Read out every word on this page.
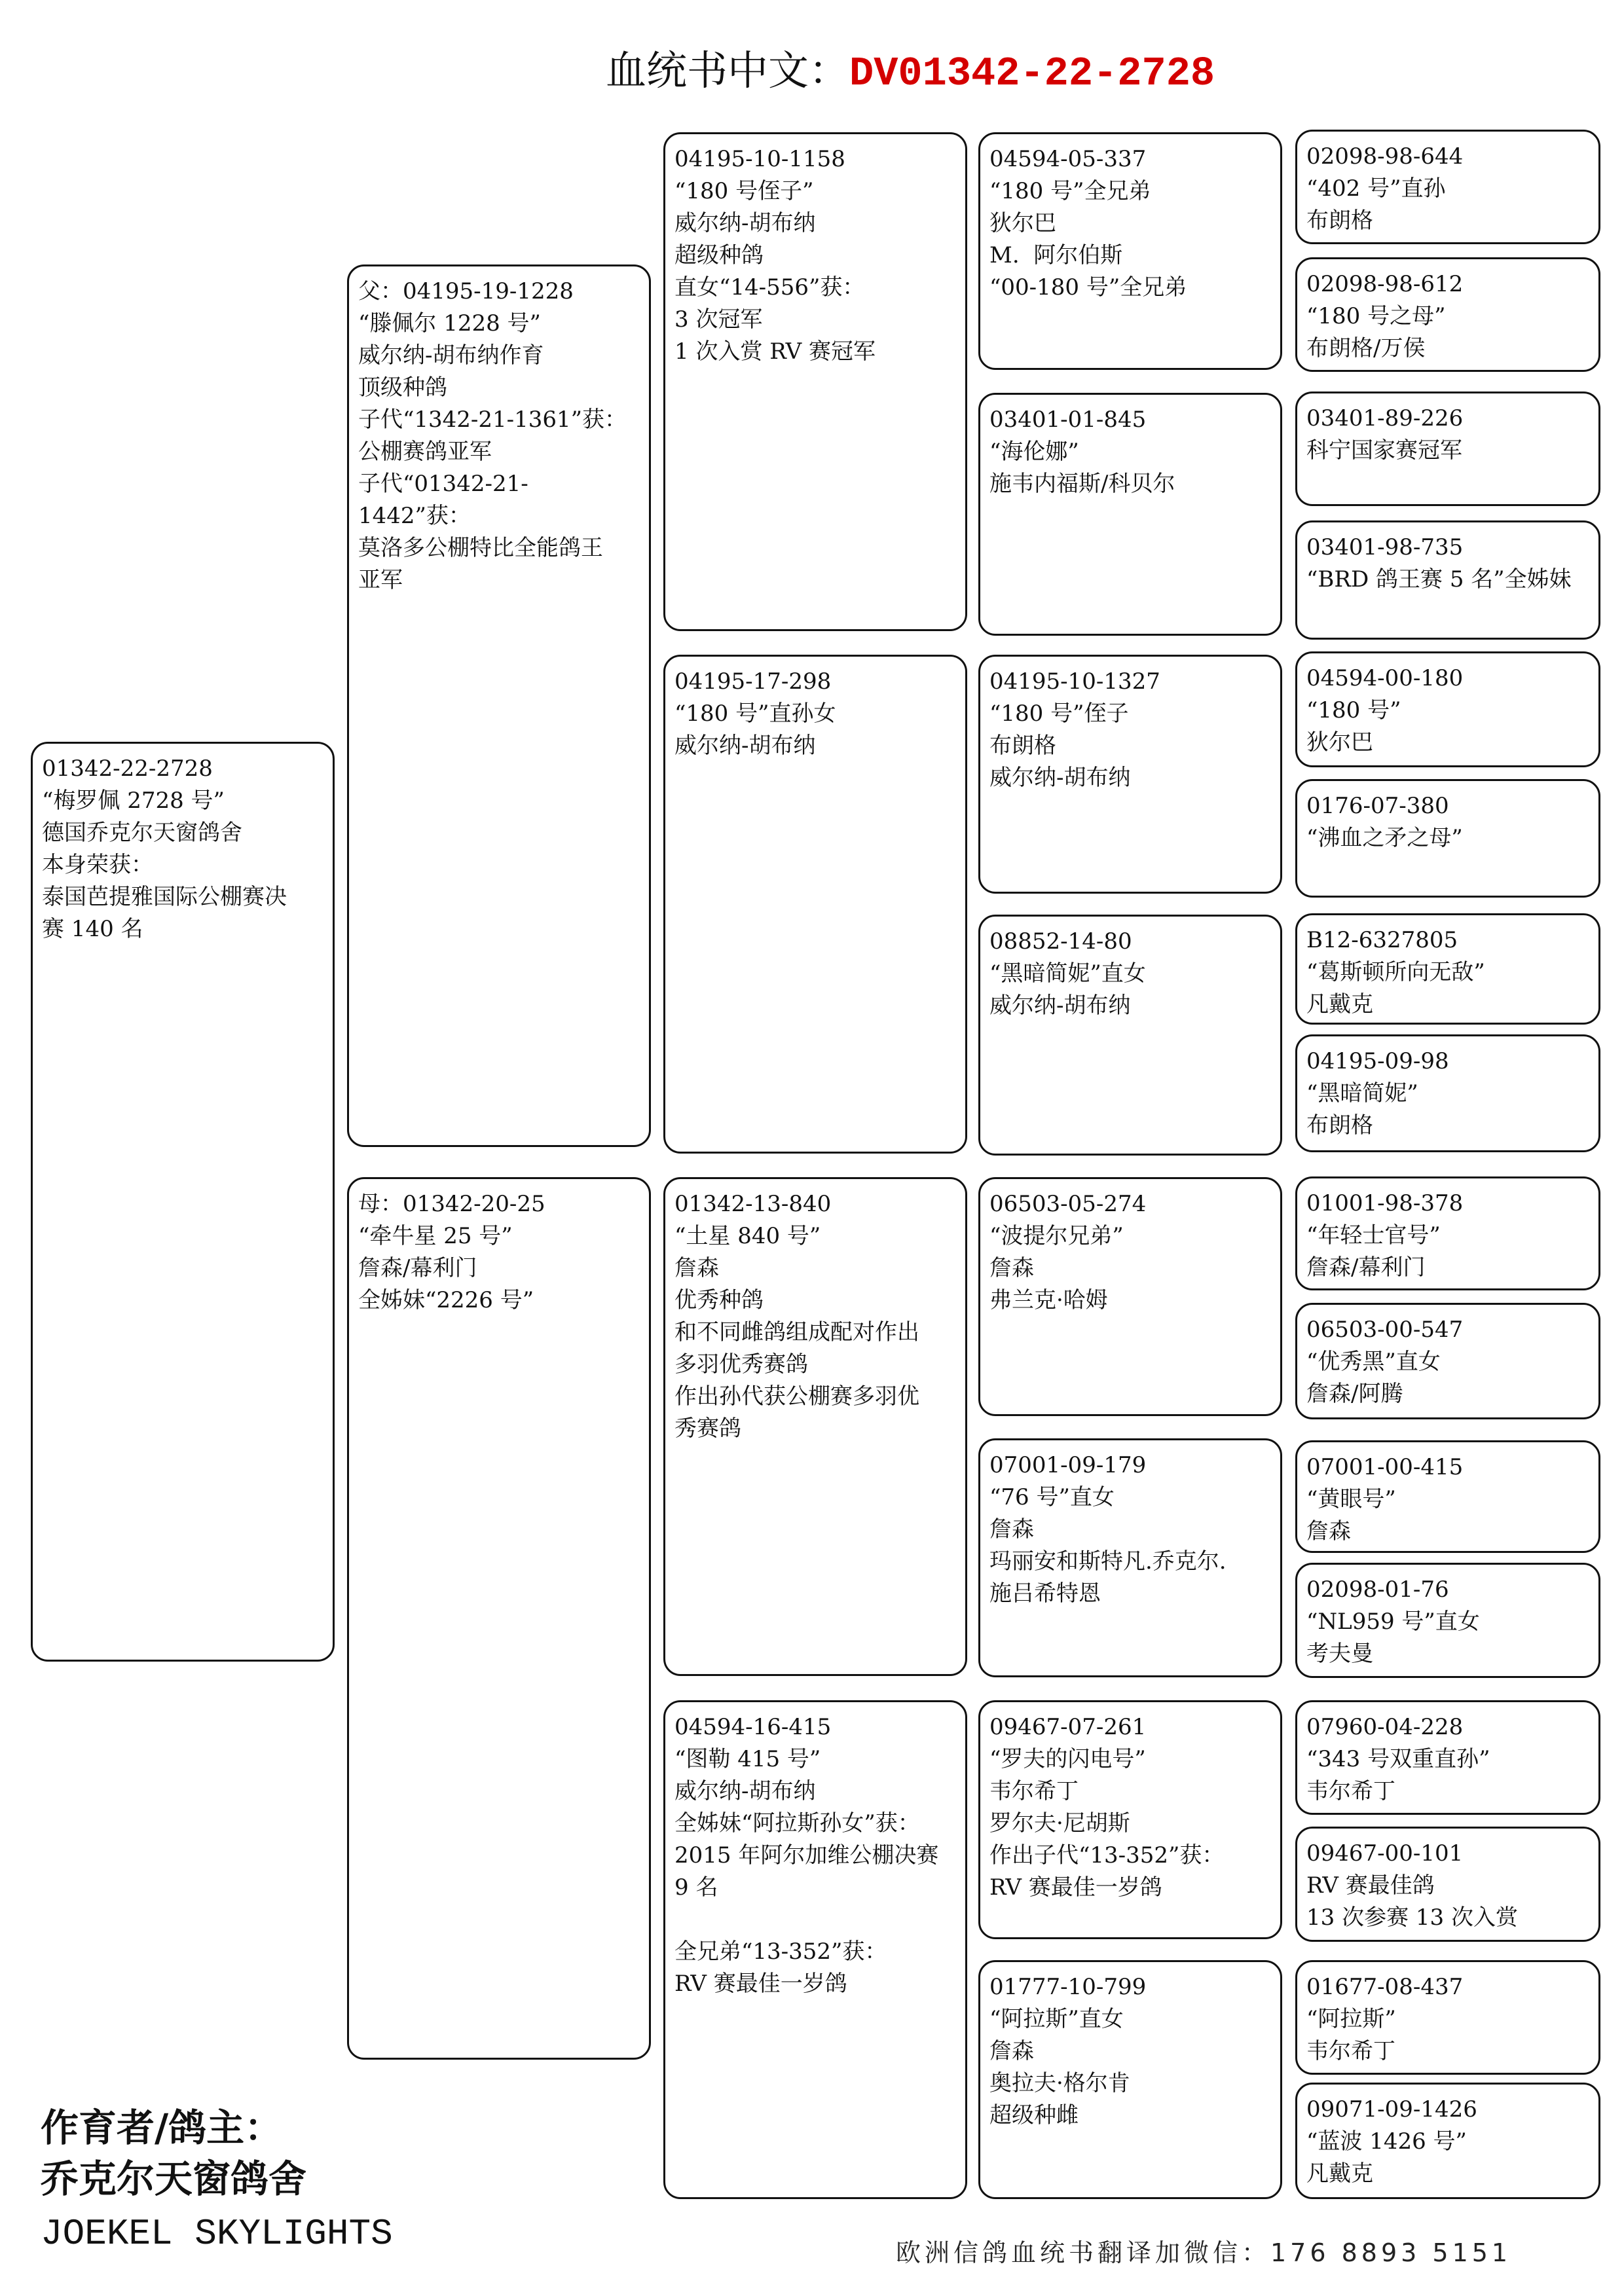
血统书中文：DV01342-22-2728
01342-22-2728
“梅罗佩 2728 号”
德国乔克尔天窗鸽舍
本身荣获：
泰国芭提雅国际公棚赛决
赛 140 名
父：04195-19-1228
“滕佩尔 1228 号”
威尔纳-胡布纳作育
顶级种鸽
子代“1342-21-1361”获：
公棚赛鸽亚军
子代“01342-21-1442”获：
莫洛多公棚特比全能鸽王
亚军
母：01342-20-25
“牵牛星 25 号”
詹森/幕利门
全姊妹“2226 号”
04195-10-1158
“180 号侄子”
威尔纳-胡布纳
超级种鸽
直女“14-556”获：
3 次冠军
1 次入赏 RV 赛冠军
04195-17-298
“180 号”直孙女
威尔纳-胡布纳
01342-13-840
“土星 840 号”
詹森
优秀种鸽
和不同雌鸽组成配对作出
多羽优秀赛鸽
作出孙代获公棚赛多羽优
秀赛鸽
04594-16-415
“图勒 415 号”
威尔纳-胡布纳
全姊妹“阿拉斯孙女”获：
2015 年阿尔加维公棚决赛
9 名

全兄弟“13-352”获：
RV 赛最佳一岁鸽
04594-05-337
“180 号”全兄弟
狄尔巴
M.  阿尔伯斯
“00-180 号”全兄弟
03401-01-845
“海伦娜”
施韦内福斯/科贝尔
04195-10-1327
“180 号”侄子
布朗格
威尔纳-胡布纳
08852-14-80
“黑暗简妮”直女
威尔纳-胡布纳
06503-05-274
“波提尔兄弟”
詹森
弗兰克·哈姆
07001-09-179
“76 号”直女
詹森
玛丽安和斯特凡.乔克尔.
施吕希特恩
09467-07-261
“罗夫的闪电号”
韦尔希丁
罗尔夫·尼胡斯
作出子代“13-352”获：
RV 赛最佳一岁鸽
01777-10-799
“阿拉斯”直女
詹森
奥拉夫·格尔肯
超级种雌
02098-98-644
“402 号”直孙
布朗格
02098-98-612
“180 号之母”
布朗格/万侯
03401-89-226
科宁国家赛冠军
03401-98-735
“BRD 鸽王赛 5 名”全姊妹
04594-00-180
“180 号”
狄尔巴
0176-07-380
“沸血之矛之母”
B12-6327805
“葛斯顿所向无敌”
凡戴克
04195-09-98
“黑暗简妮”
布朗格
01001-98-378
“年轻士官号”
詹森/幕利门
06503-00-547
“优秀黑”直女
詹森/阿腾
07001-00-415
“黄眼号”
詹森
02098-01-76
“NL959 号”直女
考夫曼
07960-04-228
“343 号双重直孙”
韦尔希丁
09467-00-101
RV 赛最佳鸽
13 次参赛 13 次入赏
01677-08-437
“阿拉斯”
韦尔希丁
09071-09-1426
“蓝波 1426 号”
凡戴克
作育者/鸽主：
乔克尔天窗鸽舍
JOEKEL SKYLIGHTS	欧洲信鸽血统书翻译加微信：176 8893 5151
